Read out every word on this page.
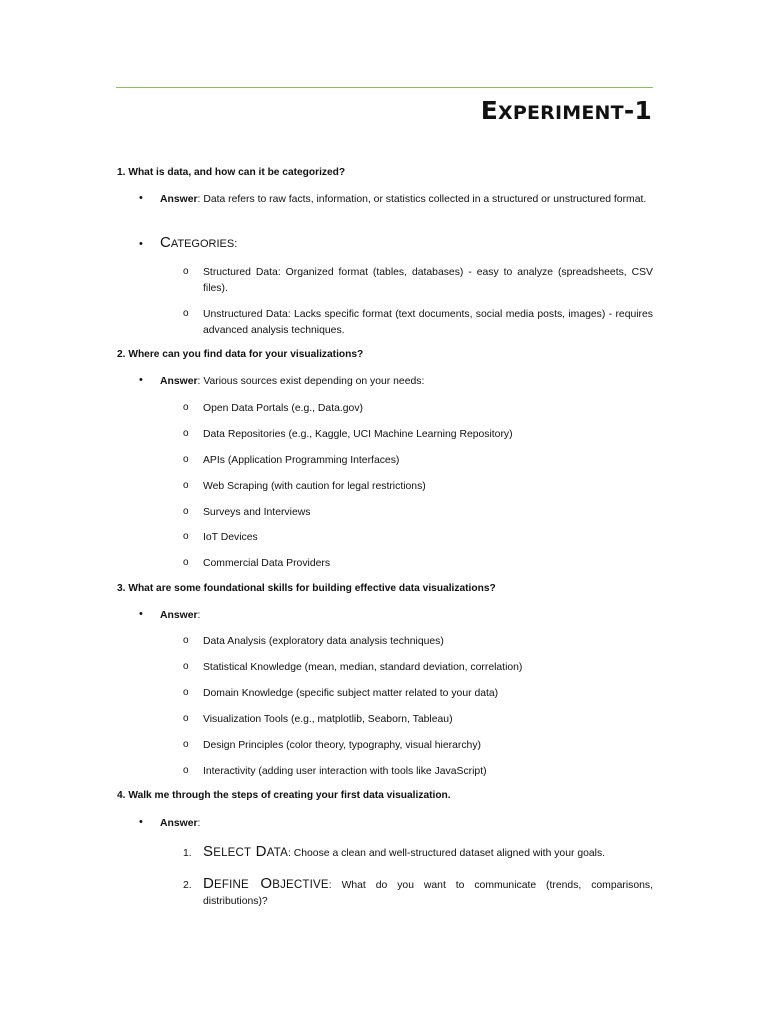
EXPERIMENT-1
1. What is data, and how can it be categorized?
•	Answer: Data refers to raw facts, information, or statistics collected in a structured or unstructured format.
•	CATEGORIES:
o	Structured Data: Organized format (tables, databases) - easy to analyze (spreadsheets, CSV files).
o	Unstructured Data: Lacks specific format (text documents, social media posts, images) - requires advanced analysis techniques.
2. Where can you find data for your visualizations?
•	Answer: Various sources exist depending on your needs:
o	Open Data Portals (e.g., Data.gov)
o	Data Repositories (e.g., Kaggle, UCI Machine Learning Repository)
o	APIs (Application Programming Interfaces)
o	Web Scraping (with caution for legal restrictions)
o	Surveys and Interviews
o	IoT Devices
o	Commercial Data Providers
3. What are some foundational skills for building effective data visualizations?
•	Answer:
o	Data Analysis (exploratory data analysis techniques)
o	Statistical Knowledge (mean, median, standard deviation, correlation)
o	Domain Knowledge (specific subject matter related to your data)
o	Visualization Tools (e.g., matplotlib, Seaborn, Tableau)
o	Design Principles (color theory, typography, visual hierarchy)
o	Interactivity (adding user interaction with tools like JavaScript)
4. Walk me through the steps of creating your first data visualization.
•	Answer:
1. SELECT DATA: Choose a clean and well-structured dataset aligned with your goals.
2. DEFINE OBJECTIVE: What do you want to communicate (trends, comparisons, distributions)?
